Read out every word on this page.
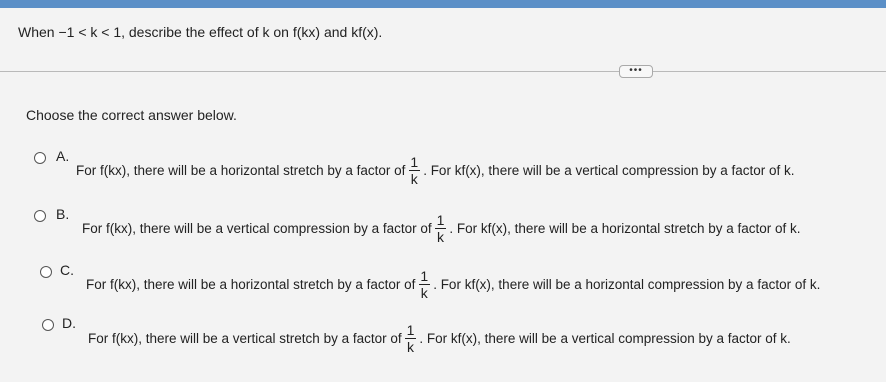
When −1 < k < 1, describe the effect of k on f(kx) and kf(x).
•••
Choose the correct answer below.
A.
For f(kx), there will be a horizontal stretch by a factor of $\frac{1}{k}$ . For kf(x), there will be a vertical compression by a factor of k.
B.
For f(kx), there will be a vertical compression by a factor of $\frac{1}{k}$ . For kf(x), there will be a horizontal stretch by a factor of k.
C.
For f(kx), there will be a horizontal stretch by a factor of $\frac{1}{k}$ . For kf(x), there will be a horizontal compression by a factor of k.
D.
For f(kx), there will be a vertical stretch by a factor of $\frac{1}{k}$ . For kf(x), there will be a vertical compression by a factor of k.
